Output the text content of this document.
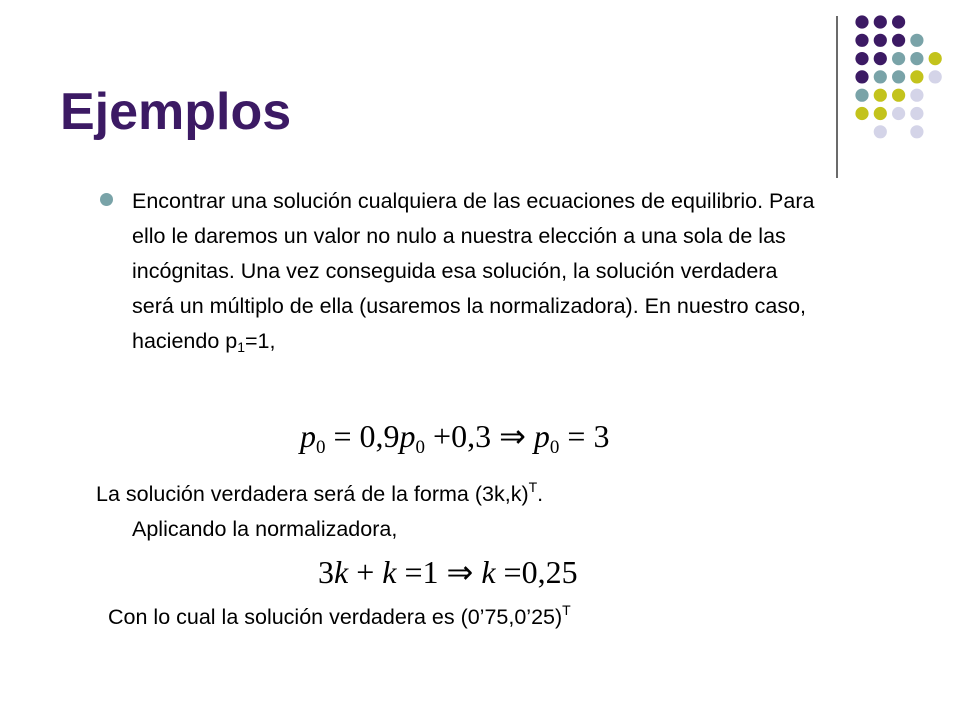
Ejemplos

Encontrar una solución cualquiera de las ecuaciones de equilibrio. Para ello le daremos un valor no nulo a nuestra elección a una sola de las incógnitas. Una vez conseguida esa solución, la solución verdadera será un múltiplo de ella (usaremos la normalizadora). En nuestro caso, haciendo $p_1=1$,

$p_0 = 0,9p_0 +0,3$ ⇒ $p_0 = 3$
La solución verdadera será de la forma $(3k,k)^T$.
Aplicando la normalizadora,
3k + k =1 ⇒ k =0,25
Con lo cual la solución verdadera es (0’75,0’25)$^T$
